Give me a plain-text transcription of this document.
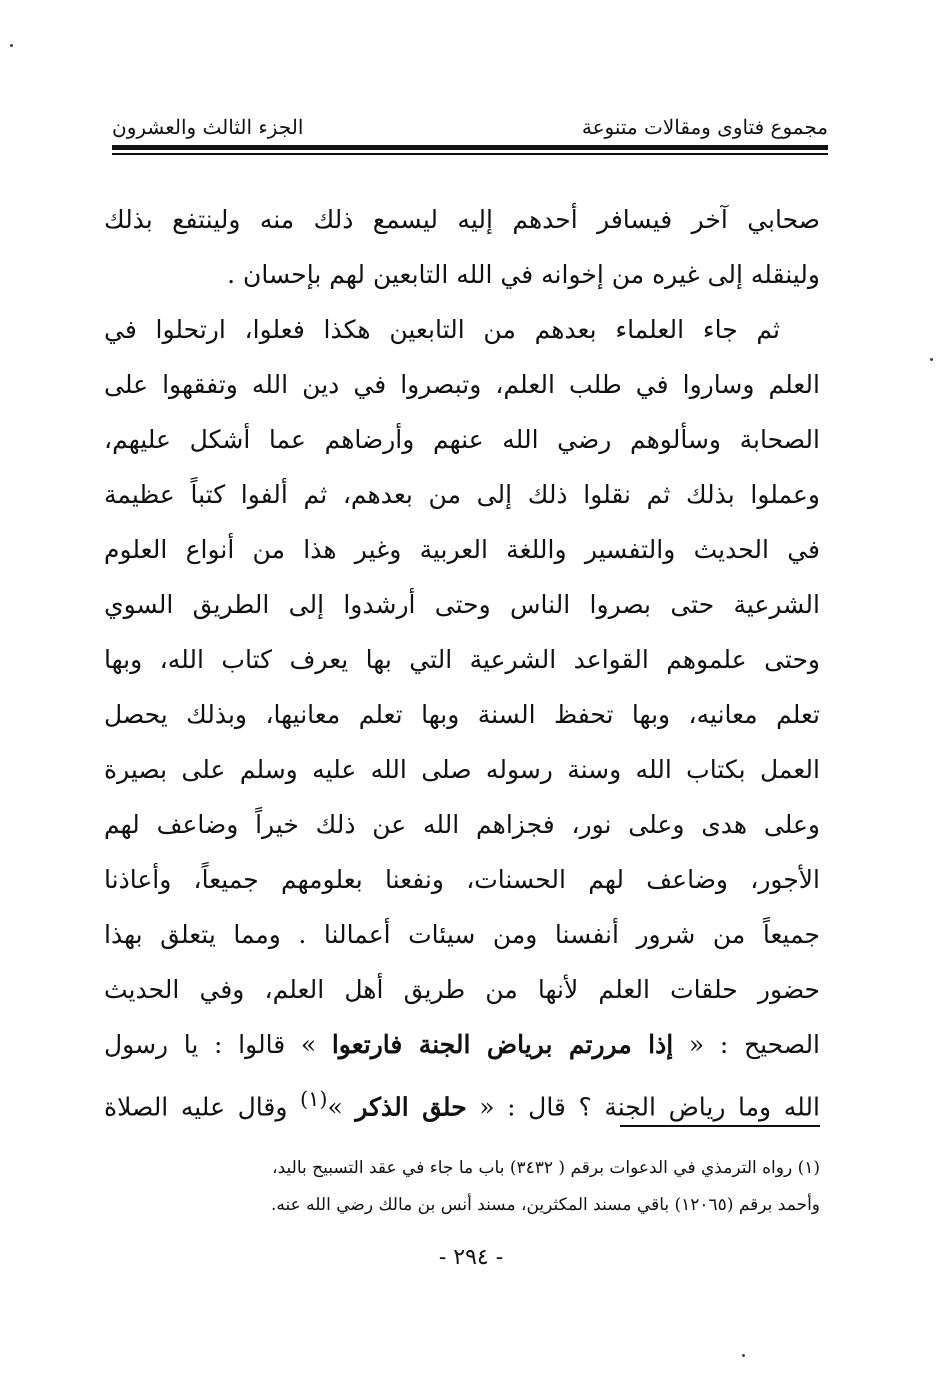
مجموع فتاوى ومقالات متنوعة
الجزء الثالث والعشرون
صحابي آخر فيسافر أحدهم إليه ليسمع ذلك منه ولينتفع بذلك
ولينقله إلى غيره من إخوانه في الله التابعين لهم بإحسان .
ثم جاء العلماء بعدهم من التابعين هكذا فعلوا، ارتحلوا في
العلم وساروا في طلب العلم، وتبصروا في دين الله وتفقهوا على
الصحابة وسألوهم رضي الله عنهم وأرضاهم عما أشكل عليهم،
وعملوا بذلك ثم نقلوا ذلك إلى من بعدهم، ثم ألفوا كتباً عظيمة
في الحديث والتفسير واللغة العربية وغير هذا من أنواع العلوم
الشرعية حتى بصروا الناس وحتى أرشدوا إلى الطريق السوي
وحتى علموهم القواعد الشرعية التي بها يعرف كتاب الله، وبها
تعلم معانيه، وبها تحفظ السنة وبها تعلم معانيها، وبذلك يحصل
العمل بكتاب الله وسنة رسوله صلى الله عليه وسلم على بصيرة
وعلى هدى وعلى نور، فجزاهم الله عن ذلك خيراً وضاعف لهم
الأجور، وضاعف لهم الحسنات، ونفعنا بعلومهم جميعاً، وأعاذنا
جميعاً من شرور أنفسنا ومن سيئات أعمالنا . ومما يتعلق بهذا
حضور حلقات العلم لأنها من طريق أهل العلم، وفي الحديث
الصحيح : « إذا مررتم برياض الجنة فارتعوا » قالوا : يا رسول
الله وما رياض الجنة ؟ قال : « حلق الذكر »$^{(١)}$ وقال عليه الصلاة
(١) رواه الترمذي في الدعوات برقم ( ٣٤٣٢) باب ما جاء في عقد التسبيح باليد،
وأحمد برقم (١٢٠٦٥) باقي مسند المكثرين، مسند أنس بن مالك رضي الله عنه.
- ٢٩٤ -
